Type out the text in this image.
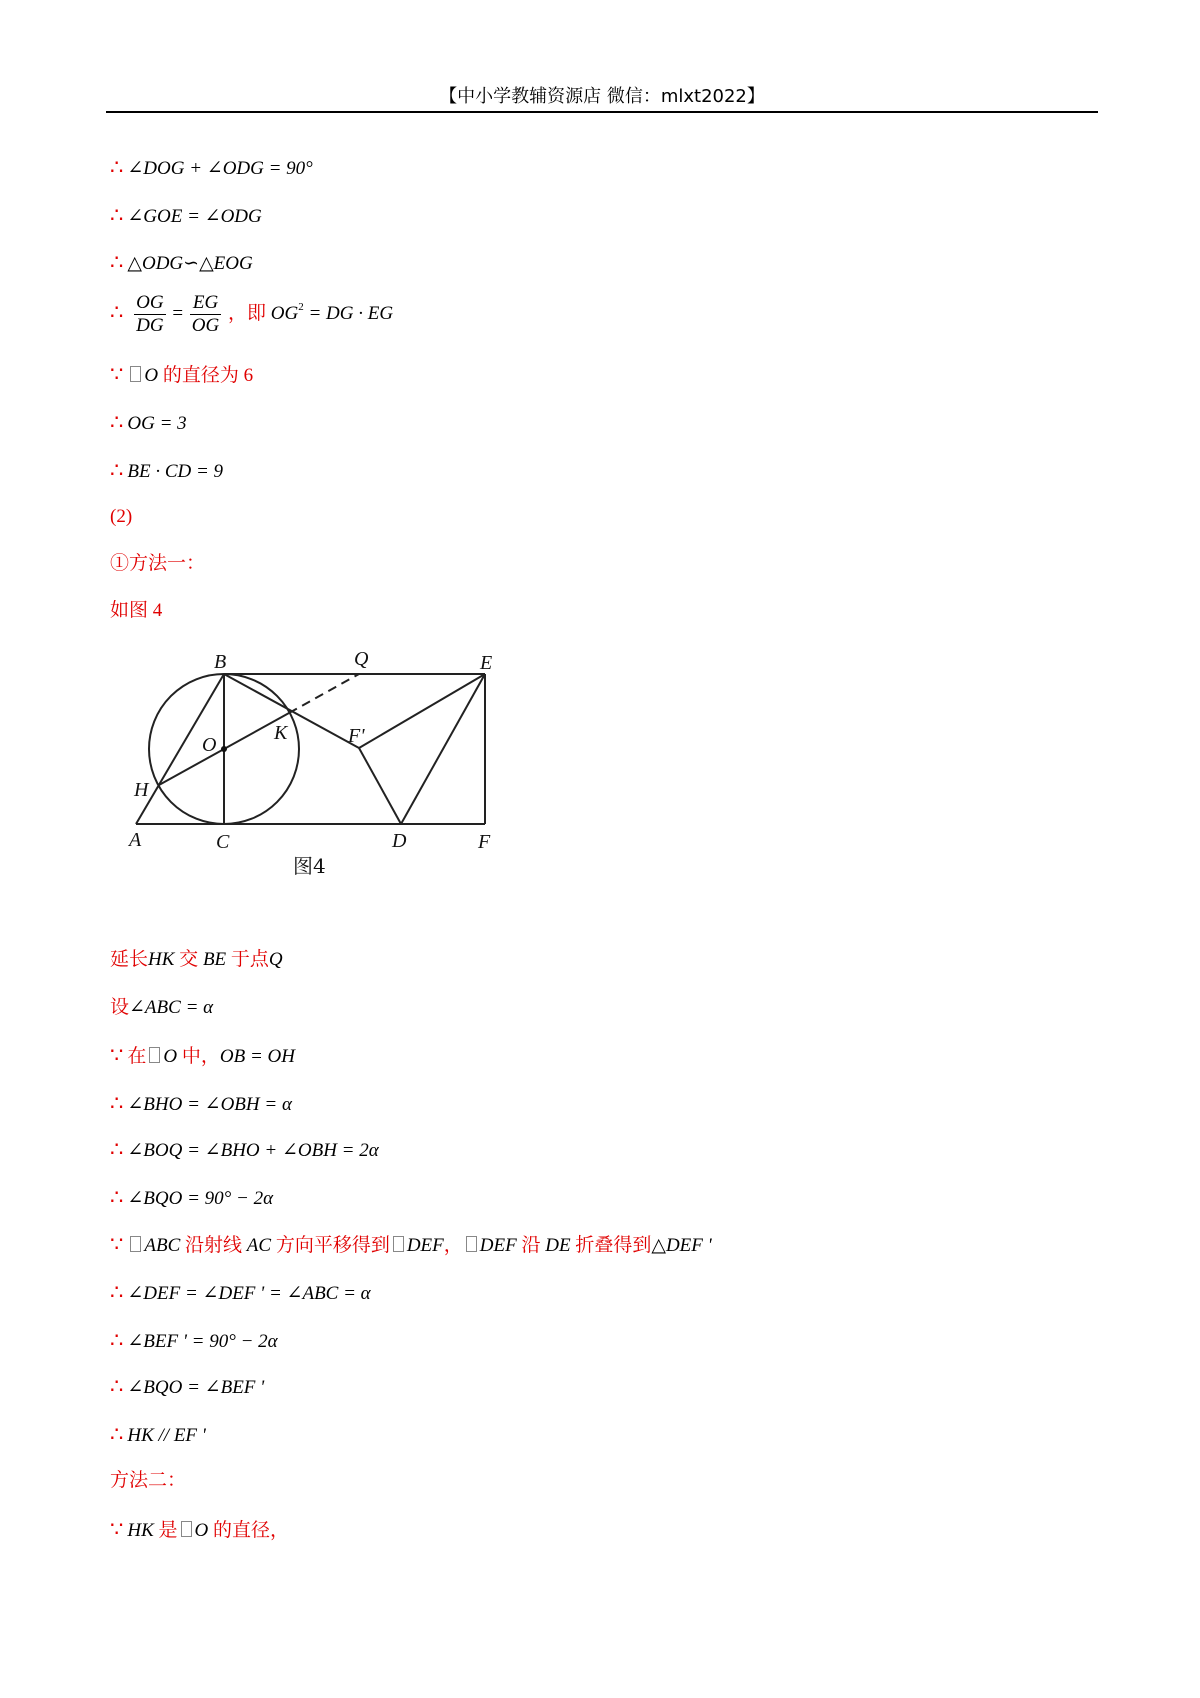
【中小学教辅资源店 微信：mlxt2022】
∴ ∠DOG + ∠ODG = 90°
∴ ∠GOE = ∠ODG
∴ △ODG∽△EOG
∴ $\frac{OG}{DG} = \frac{EG}{OG}$ ，即 $OG^2$ = DG · EG
∵ O 的直径为 6
∴ OG = 3
∴ BE · CD = 9
(2)
①方法一：
如图 4
B	Q	E
O
K	F'
H
A	C	D	F
图4
延长HK 交 BE 于点Q
设∠ABC = α
∵ 在 O 中，OB = OH
∴ ∠BHO = ∠OBH = α
∴ ∠BOQ = ∠BHO + ∠OBH = 2α
∴ ∠BQO = 90° − 2α
∵ ABC 沿射线 AC 方向平移得到 DEF， DEF 沿 DE 折叠得到△DEF '
∴ ∠DEF = ∠DEF ' = ∠ABC = α
∴ ∠BEF ' = 90° − 2α
∴ ∠BQO = ∠BEF '
∴ HK // EF '
方法二：
∵ HK 是 O 的直径，
